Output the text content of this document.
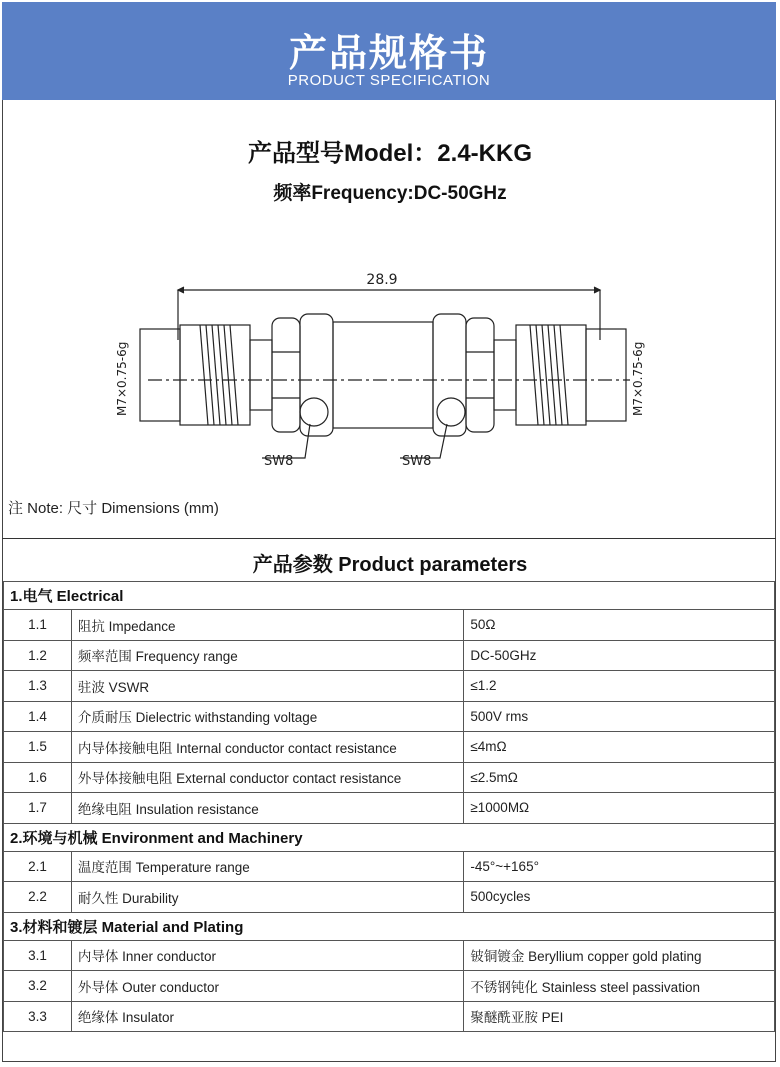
产品规格书
PRODUCT SPECIFICATION
产品型号Model：2.4-KKG
频率Frequency:DC-50GHz
28.9
SW8	SW8
M7×0.75-6g	M7×0.75-6g
注 Note: 尺寸 Dimensions (mm)
产品参数 Product parameters
1.电气 Electrical		
1.1	阻抗 Impedance	50Ω
1.2	频率范围 Frequency range	DC-50GHz
1.3	驻波 VSWR	≤1.2
1.4	介质耐压 Dielectric withstanding voltage	500V rms
1.5	内导体接触电阻 Internal conductor contact resistance	≤4mΩ
1.6	外导体接触电阻 External conductor contact resistance	≤2.5mΩ
1.7	绝缘电阻 Insulation resistance	≥1000MΩ
2.环境与机械 Environment and Machinery		
2.1	温度范围 Temperature range	-45°~+165°
2.2	耐久性 Durability	500cycles
3.材料和镀层 Material and Plating		
3.1	内导体 Inner conductor	铍铜镀金 Beryllium copper gold plating
3.2	外导体 Outer conductor	不锈钢钝化 Stainless steel passivation
3.3	绝缘体 Insulator	聚醚酰亚胺 PEI
